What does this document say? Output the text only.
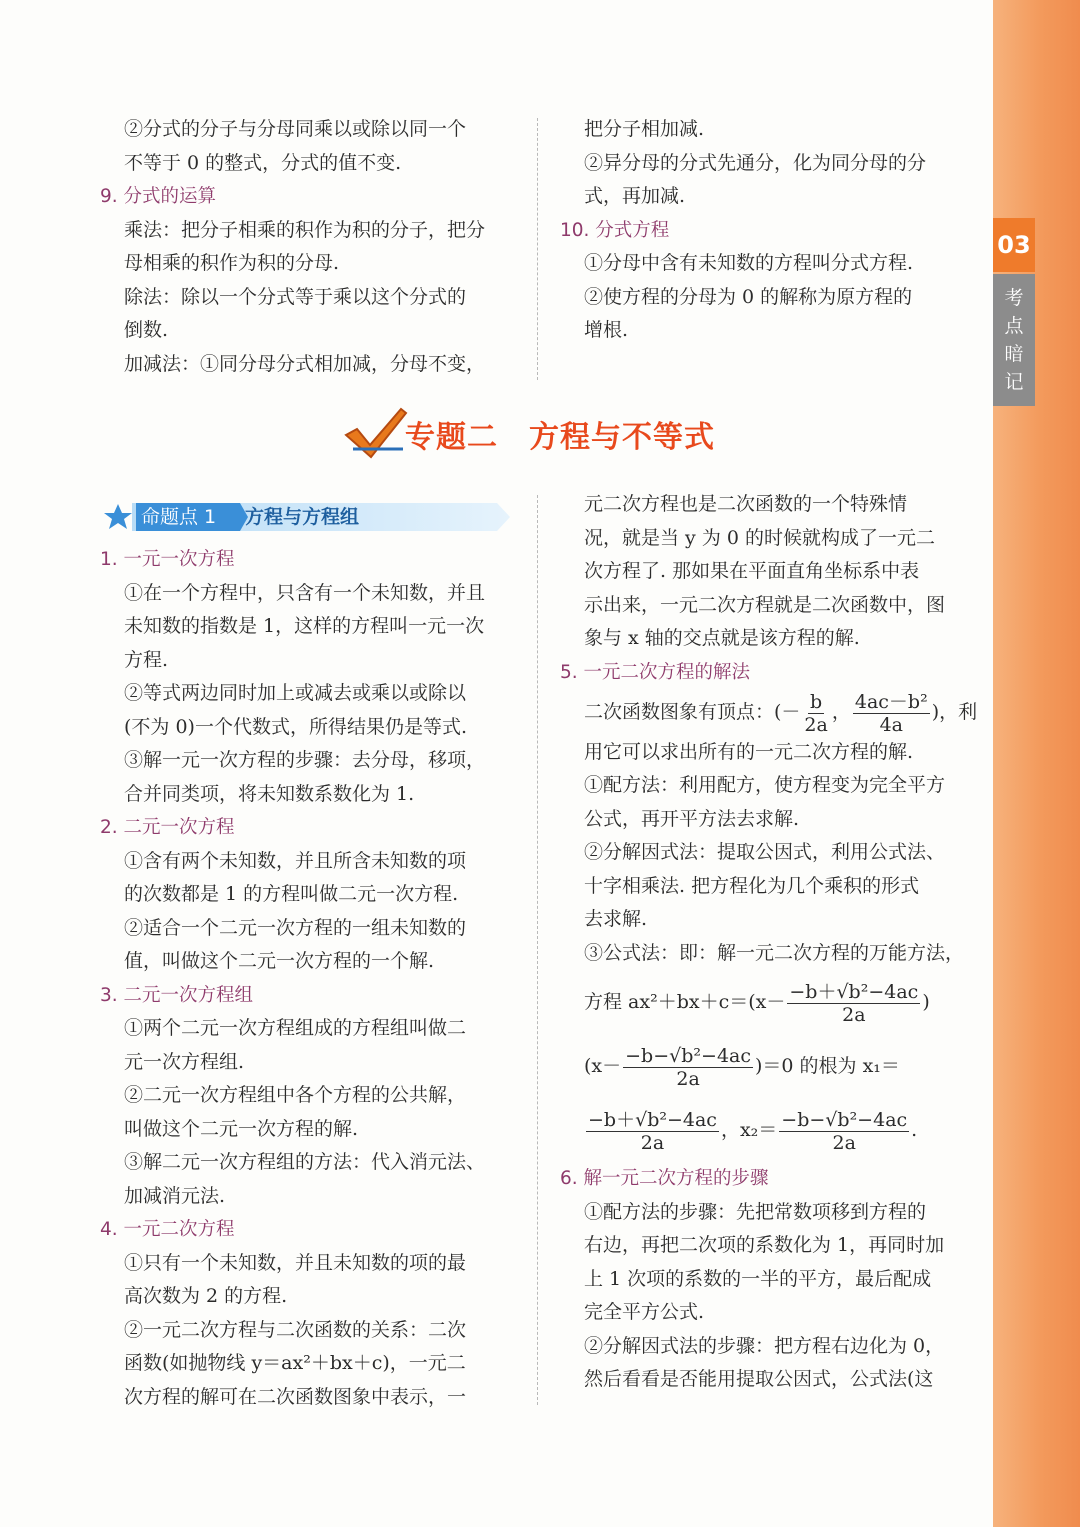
03
考点暗记

②分式的分子与分母同乘以或除以同一个

不等于 0 的整式，分式的值不变.

9. 分式的运算

乘法：把分子相乘的积作为积的分子，把分

母相乘的积作为积的分母.

除法：除以一个分式等于乘以这个分式的

倒数.

加减法：①同分母分式相加减，分母不变，

把分子相加减.

②异分母的分式先通分，化为同分母的分

式，再加减.

10. 分式方程

①分母中含有未知数的方程叫分式方程.

②使方程的分母为 0 的解称为原方程的

增根.

专题二　方程与不等式
命题点 1 方程与方程组

1. 一元一次方程

①在一个方程中，只含有一个未知数，并且

未知数的指数是 1，这样的方程叫一元一次

方程.

②等式两边同时加上或减去或乘以或除以

(不为 0)一个代数式，所得结果仍是等式.

③解一元一次方程的步骤：去分母，移项，

合并同类项，将未知数系数化为 1.

2. 二元一次方程

①含有两个未知数，并且所含未知数的项

的次数都是 1 的方程叫做二元一次方程.

②适合一个二元一次方程的一组未知数的

值，叫做这个二元一次方程的一个解.

3. 二元一次方程组

①两个二元一次方程组成的方程组叫做二

元一次方程组.

②二元一次方程组中各个方程的公共解，

叫做这个二元一次方程的解.

③解二元一次方程组的方法：代入消元法、

加减消元法.

4. 一元二次方程

①只有一个未知数，并且未知数的项的最

高次数为 2 的方程.

②一元二次方程与二次函数的关系：二次

函数(如抛物线 y＝ax²＋bx＋c)，一元二

次方程的解可在二次函数图象中表示，一

元二次方程也是二次函数的一个特殊情

况，就是当 y 为 0 的时候就构成了一元二

次方程了. 那如果在平面直角坐标系中表

示出来，一元二次方程就是二次函数中，图

象与 x 轴的交点就是该方程的解.

5. 一元二次方程的解法

二次函数图象有顶点：(－ $\frac{b}{2a}$ ， $\frac{\text{4ac－b²}}{4a}$ )，利

用它可以求出所有的一元二次方程的解.

①配方法：利用配方，使方程变为完全平方

公式，再开平方法去求解.

②分解因式法：提取公因式，利用公式法、

十字相乘法. 把方程化为几个乘积的形式

去求解.

③公式法：即：解一元二次方程的万能方法，

方程 $ax^2+bx+c=(x- \frac{\text{−b＋√b²−4ac}}{2a}$ )

$(x- \frac{\text{−b−√b²−4ac}}{2a} )=0$ 的根为 x₁＝

$\frac{\text{−b＋√b²−4ac}}{2a}$ ，$x_2= \frac{\text{−b−√b²−4ac}}{2a}$ .

6. 解一元二次方程的步骤

①配方法的步骤：先把常数项移到方程的

右边，再把二次项的系数化为 1，再同时加

上 1 次项的系数的一半的平方，最后配成

完全平方公式.

②分解因式法的步骤：把方程右边化为 0，

然后看看是否能用提取公因式，公式法(这
